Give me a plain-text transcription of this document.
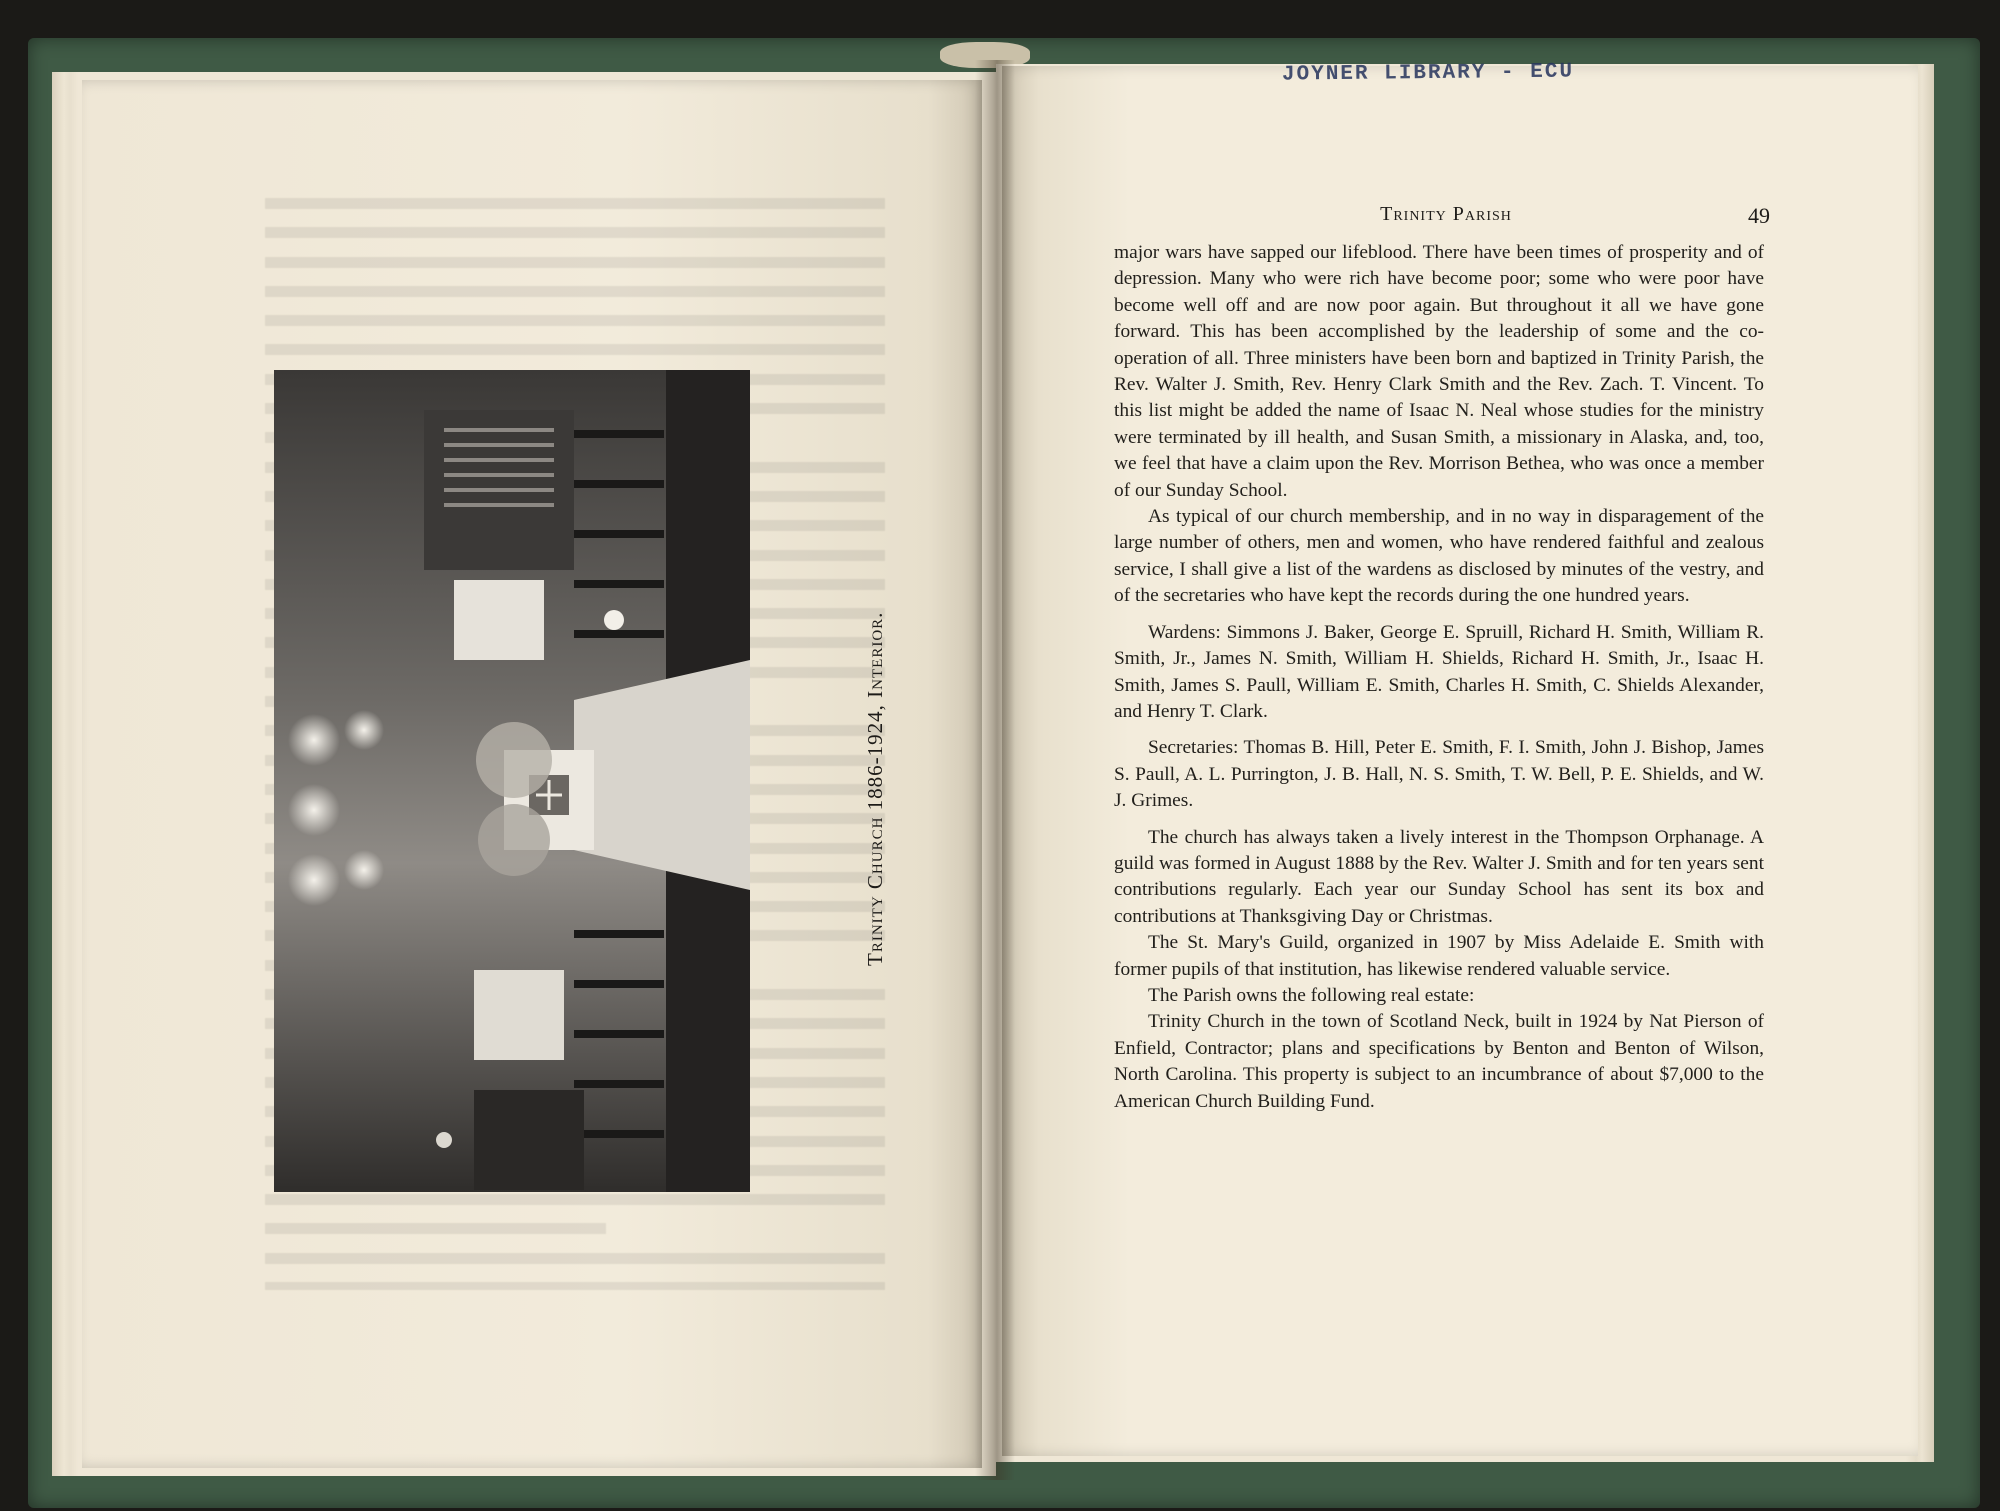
Trinity Church 1886-1924, Interior.
JOYNER LIBRARY - ECU
Trinity Parish	49

major wars have sapped our lifeblood. There have been times of prosperity and of depression. Many who were rich have become poor; some who were poor have become well off and are now poor again. But throughout it all we have gone forward. This has been accomplished by the leadership of some and the co-operation of all. Three ministers have been born and baptized in Trinity Parish, the Rev. Walter J. Smith, Rev. Henry Clark Smith and the Rev. Zach. T. Vincent. To this list might be added the name of Isaac N. Neal whose studies for the ministry were terminated by ill health, and Susan Smith, a missionary in Alaska, and, too, we feel that have a claim upon the Rev. Morrison Bethea, who was once a member of our Sunday School.

As typical of our church membership, and in no way in disparagement of the large number of others, men and women, who have rendered faithful and zealous service, I shall give a list of the wardens as disclosed by minutes of the vestry, and of the secretaries who have kept the records during the one hundred years.

Wardens: Simmons J. Baker, George E. Spruill, Richard H. Smith, William R. Smith, Jr., James N. Smith, William H. Shields, Richard H. Smith, Jr., Isaac H. Smith, James S. Paull, William E. Smith, Charles H. Smith, C. Shields Alexander, and Henry T. Clark.

Secretaries: Thomas B. Hill, Peter E. Smith, F. I. Smith, John J. Bishop, James S. Paull, A. L. Purrington, J. B. Hall, N. S. Smith, T. W. Bell, P. E. Shields, and W. J. Grimes.

The church has always taken a lively interest in the Thompson Orphanage. A guild was formed in August 1888 by the Rev. Walter J. Smith and for ten years sent contributions regularly. Each year our Sunday School has sent its box and contributions at Thanksgiving Day or Christmas.

The St. Mary's Guild, organized in 1907 by Miss Adelaide E. Smith with former pupils of that institution, has likewise rendered valuable service.

The Parish owns the following real estate:

Trinity Church in the town of Scotland Neck, built in 1924 by Nat Pierson of Enfield, Contractor; plans and specifications by Benton and Benton of Wilson, North Carolina. This property is subject to an incumbrance of about $7,000 to the American Church Building Fund.
